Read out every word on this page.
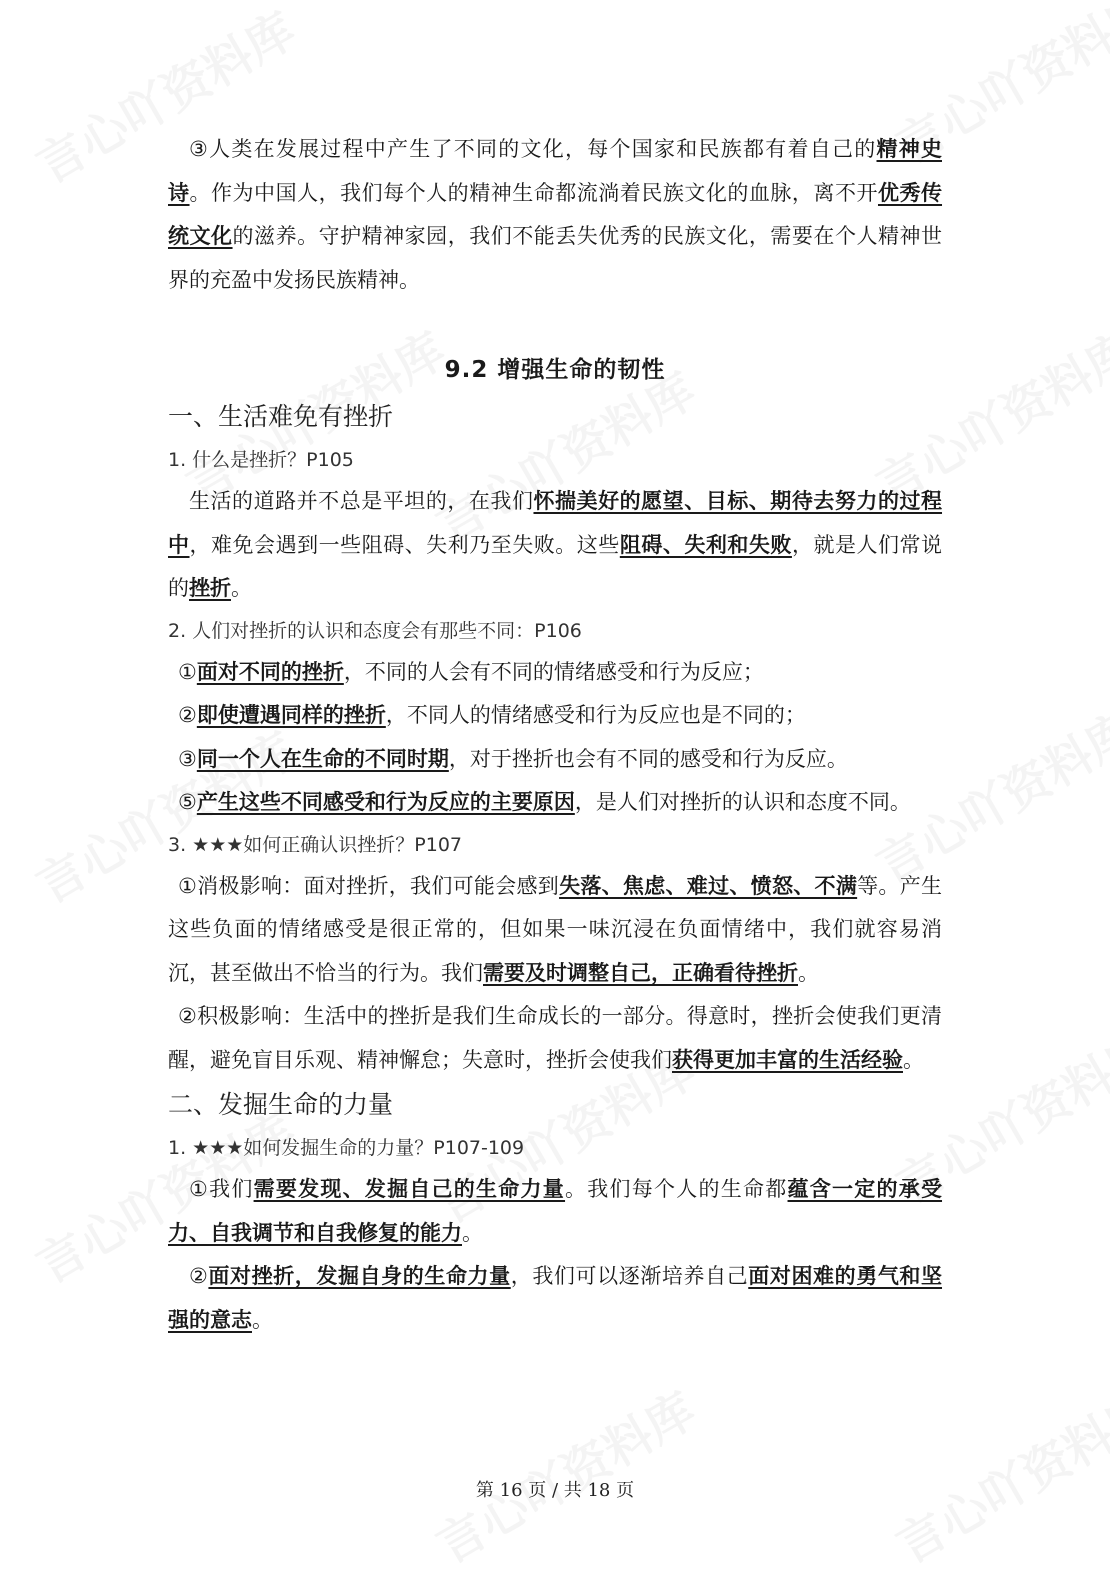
③人类在发展过程中产生了不同的文化，每个国家和民族都有着自己的精神史诗。作为中国人，我们每个人的精神生命都流淌着民族文化的血脉，离不开优秀传统文化的滋养。守护精神家园，我们不能丢失优秀的民族文化，需要在个人精神世界的充盈中发扬民族精神。

9.2 增强生命的韧性
一、生活难免有挫折
1. 什么是挫折？P105

生活的道路并不总是平坦的，在我们怀揣美好的愿望、目标、期待去努力的过程中，难免会遇到一些阻碍、失利乃至失败。这些阻碍、失利和失败，就是人们常说的挫折。

2. 人们对挫折的认识和态度会有那些不同：P106

①面对不同的挫折，不同的人会有不同的情绪感受和行为反应；

②即使遭遇同样的挫折，不同人的情绪感受和行为反应也是不同的；

③同一个人在生命的不同时期，对于挫折也会有不同的感受和行为反应。

⑤产生这些不同感受和行为反应的主要原因，是人们对挫折的认识和态度不同。

3. ★★★如何正确认识挫折？P107

①消极影响：面对挫折，我们可能会感到失落、焦虑、难过、愤怒、不满等。产生这些负面的情绪感受是很正常的，但如果一味沉浸在负面情绪中，我们就容易消沉，甚至做出不恰当的行为。我们需要及时调整自己，正确看待挫折。

②积极影响：生活中的挫折是我们生命成长的一部分。得意时，挫折会使我们更清醒，避免盲目乐观、精神懈怠；失意时，挫折会使我们获得更加丰富的生活经验。

二、发掘生命的力量
1. ★★★如何发掘生命的力量？P107-109

①我们需要发现、发掘自己的生命力量。我们每个人的生命都蕴含一定的承受力、自我调节和自我修复的能力。

②面对挫折，发掘自身的生命力量，我们可以逐渐培养自己面对困难的勇气和坚强的意志。

第 16 页 / 共 18 页
